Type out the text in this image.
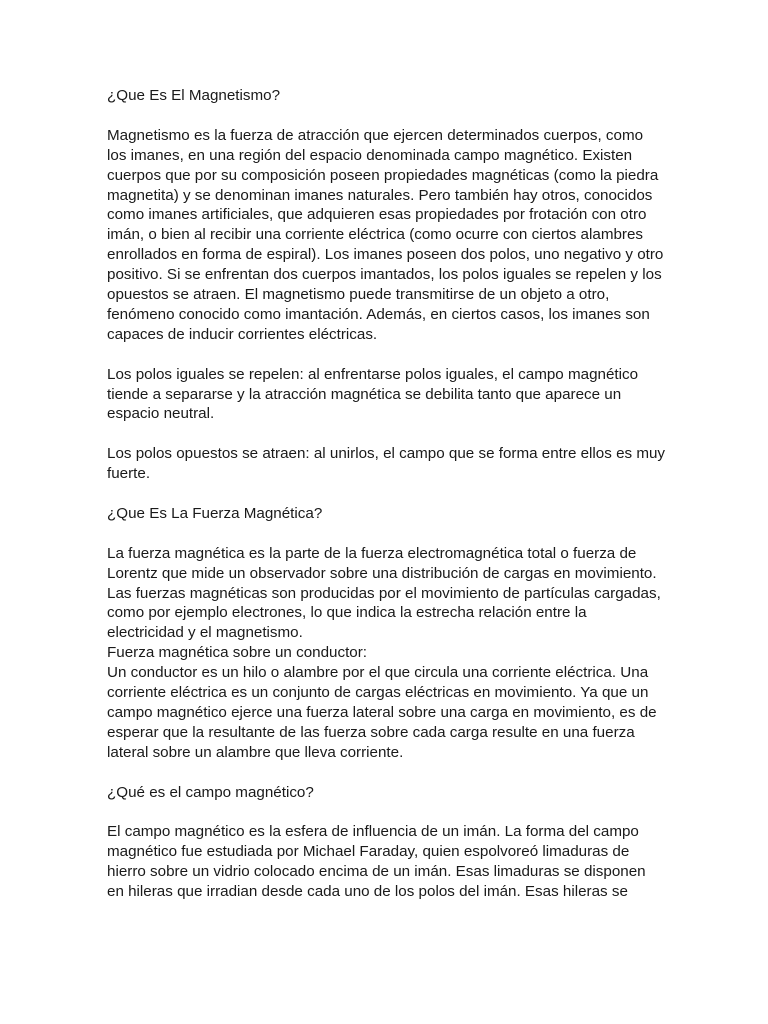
¿Que Es El Magnetismo?

Magnetismo es la fuerza de atracción que ejercen determinados cuerpos, como
los imanes, en una región del espacio denominada campo magnético. Existen
cuerpos que por su composición poseen propiedades magnéticas (como la piedra
magnetita) y se denominan imanes naturales. Pero también hay otros, conocidos
como imanes artificiales, que adquieren esas propiedades por frotación con otro
imán, o bien al recibir una corriente eléctrica (como ocurre con ciertos alambres
enrollados en forma de espiral). Los imanes poseen dos polos, uno negativo y otro
positivo. Si se enfrentan dos cuerpos imantados, los polos iguales se repelen y los
opuestos se atraen. El magnetismo puede transmitirse de un objeto a otro,
fenómeno conocido como imantación. Además, en ciertos casos, los imanes son
capaces de inducir corrientes eléctricas.

Los polos iguales se repelen: al enfrentarse polos iguales, el campo magnético
tiende a separarse y la atracción magnética se debilita tanto que aparece un
espacio neutral.

Los polos opuestos se atraen: al unirlos, el campo que se forma entre ellos es muy
fuerte.

¿Que Es La Fuerza Magnética?

La fuerza magnética es la parte de la fuerza electromagnética total o fuerza de
Lorentz que mide un observador sobre una distribución de cargas en movimiento.
Las fuerzas magnéticas son producidas por el movimiento de partículas cargadas,
como por ejemplo electrones, lo que indica la estrecha relación entre la
electricidad y el magnetismo.

Fuerza magnética sobre un conductor:

Un conductor es un hilo o alambre por el que circula una corriente eléctrica. Una
corriente eléctrica es un conjunto de cargas eléctricas en movimiento. Ya que un
campo magnético ejerce una fuerza lateral sobre una carga en movimiento, es de
esperar que la resultante de las fuerza sobre cada carga resulte en una fuerza
lateral sobre un alambre que lleva corriente.

¿Qué es el campo magnético?

El campo magnético es la esfera de influencia de un imán. La forma del campo
magnético fue estudiada por Michael Faraday, quien espolvoreó limaduras de
hierro sobre un vidrio colocado encima de un imán. Esas limaduras se disponen
en hileras que irradian desde cada uno de los polos del imán. Esas hileras se
